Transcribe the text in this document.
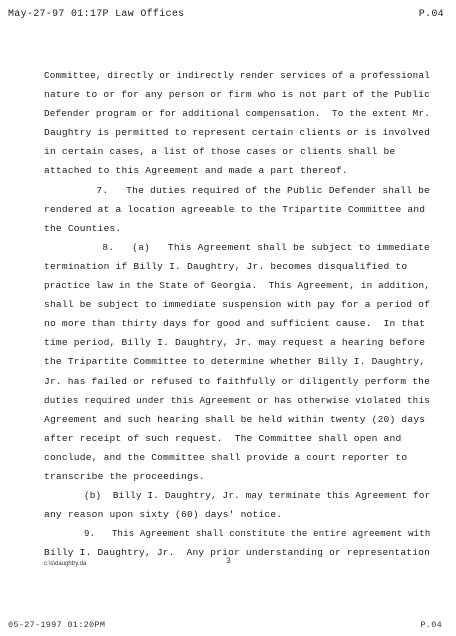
May-27-97 01:17P Law Offices	P.04
Committee, directly or indirectly render services of a professional
nature to or for any person or firm who is not part of the Public
Defender program or for additional compensation.  To the extent Mr.
Daughtry is permitted to represent certain clients or is involved
in certain cases, a list of those cases or clients shall be
attached to this Agreement and made a part thereof.
7.   The duties required of the Public Defender shall be
rendered at a location agreeable to the Tripartite Committee and
the Counties.
8.   (a)   This Agreement shall be subject to immediate
termination if Billy I. Daughtry, Jr. becomes disqualified to
practice law in the State of Georgia.  This Agreement, in addition,
shall be subject to immediate suspension with pay for a period of
no more than thirty days for good and sufficient cause.  In that
time period, Billy I. Daughtry, Jr. may request a hearing before
the Tripartite Committee to determine whether Billy I. Daughtry,
Jr. has failed or refused to faithfully or diligently perform the
duties required under this Agreement or has otherwise violated this
Agreement and such hearing shall be held within twenty (20) days
after receipt of such request.  The Committee shall open and
conclude, and the Committee shall provide a court reporter to
transcribe the proceedings.
(b)  Billy I. Daughtry, Jr. may terminate this Agreement for
any reason upon sixty (60) days' notice.
9.   This Agreement shall constitute the entire agreement with
Billy I. Daughtry, Jr.  Any prior understanding or representation
c:\s\daughtry.da	3
05-27-1997 01:20PM	P.04
